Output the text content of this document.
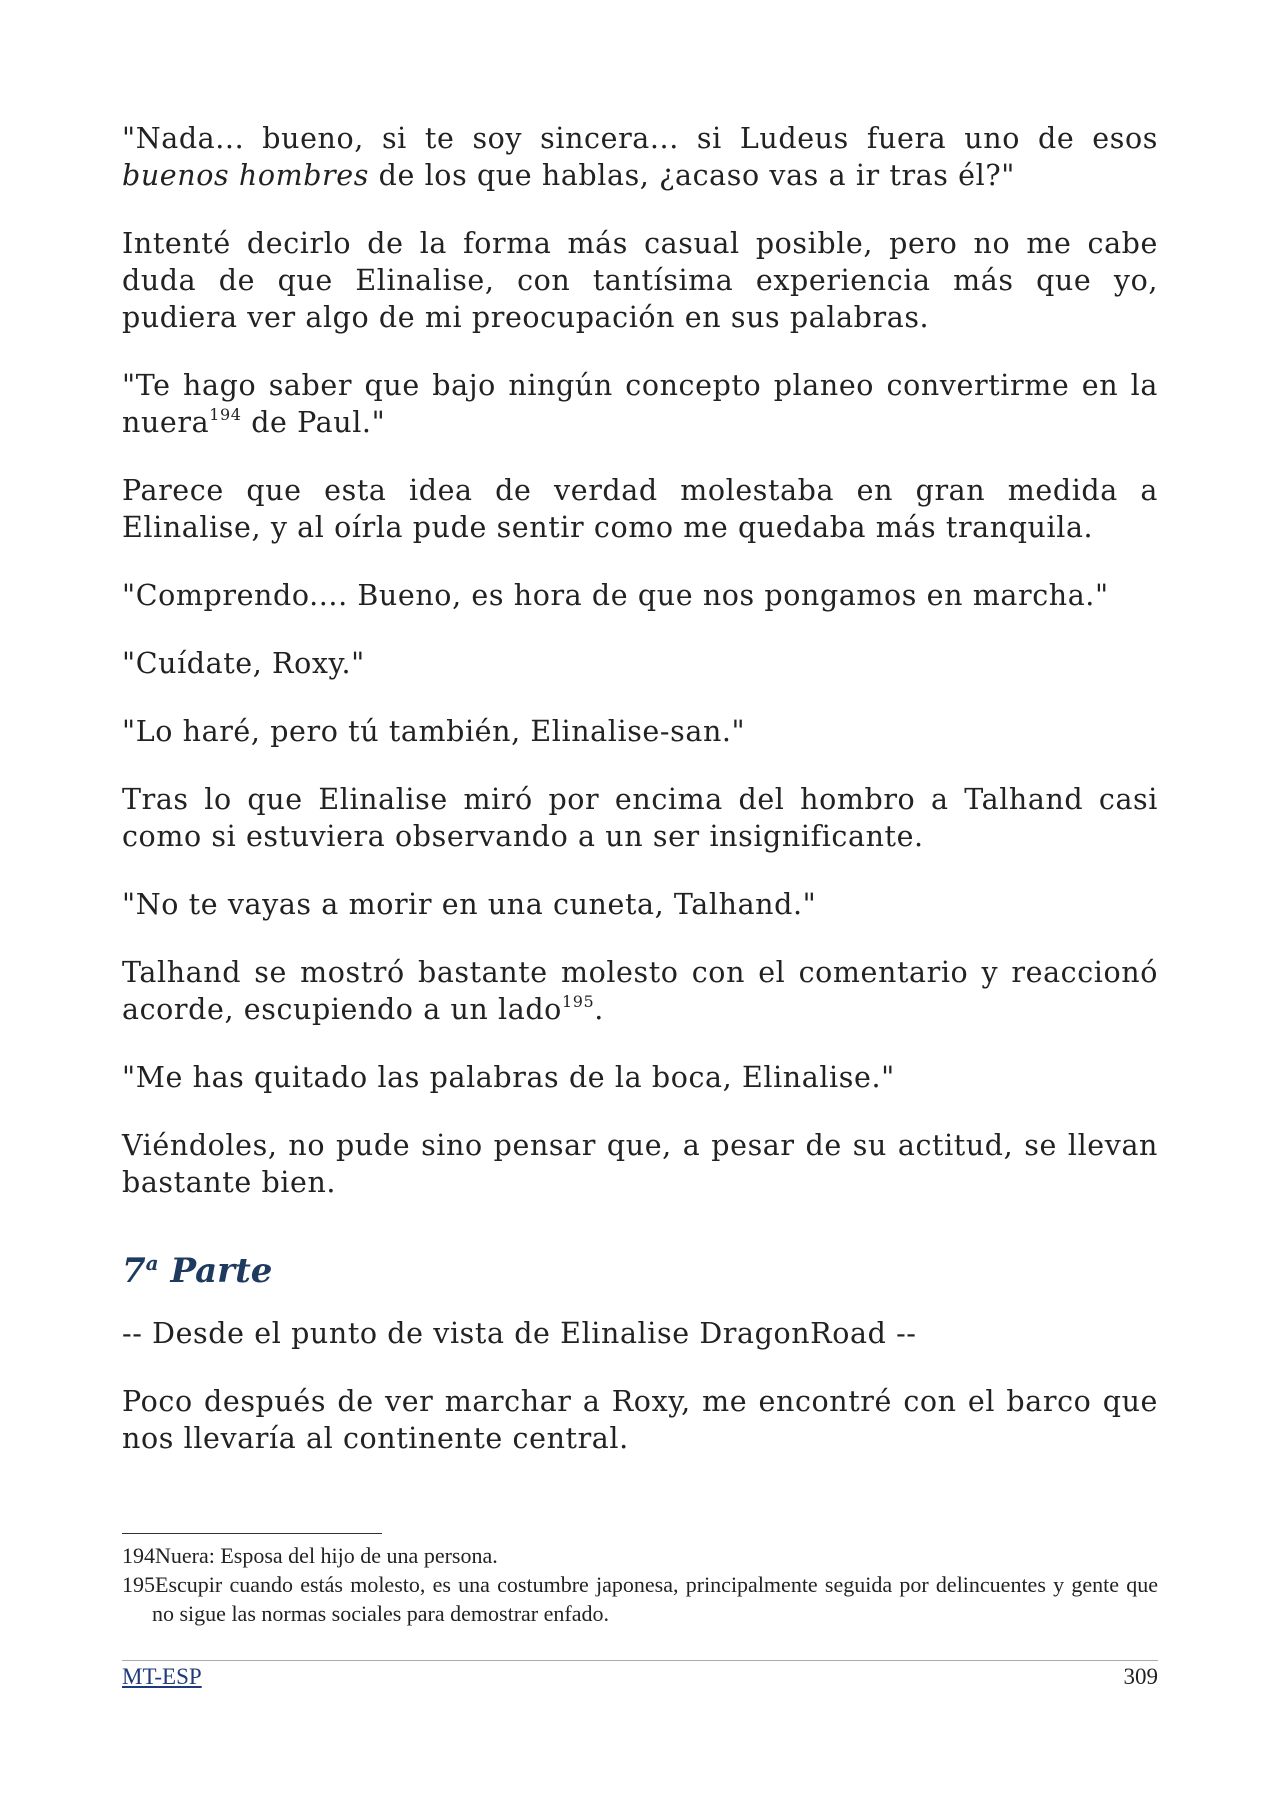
"Nada... bueno, si te soy sincera... si Ludeus fuera uno de esos buenos hombres de los que hablas, ¿acaso vas a ir tras él?"

Intenté decirlo de la forma más casual posible, pero no me cabe duda de que Elinalise, con tantísima experiencia más que yo, pudiera ver algo de mi preocupación en sus palabras.

"Te hago saber que bajo ningún concepto planeo convertirme en la nuera$^{194}$ de Paul."

Parece que esta idea de verdad molestaba en gran medida a Elinalise, y al oírla pude sentir como me quedaba más tranquila.

"Comprendo.... Bueno, es hora de que nos pongamos en marcha."

"Cuídate, Roxy."

"Lo haré, pero tú también, Elinalise-san."

Tras lo que Elinalise miró por encima del hombro a Talhand casi como si estuviera observando a un ser insignificante.

"No te vayas a morir en una cuneta, Talhand."

Talhand se mostró bastante molesto con el comentario y reaccionó acorde, escupiendo a un lado$^{195}$.

"Me has quitado las palabras de la boca, Elinalise."

Viéndoles, no pude sino pensar que, a pesar de su actitud, se llevan bastante bien.

7$^a$ Parte

-- Desde el punto de vista de Elinalise DragonRoad --

Poco después de ver marchar a Roxy, me encontré con el barco que nos llevaría al continente central.

194Nuera: Esposa del hijo de una persona.

195Escupir cuando estás molesto, es una costumbre japonesa, principalmente seguida por delincuentes y gente que no sigue las normas sociales para demostrar enfado.

MT-ESP	309
